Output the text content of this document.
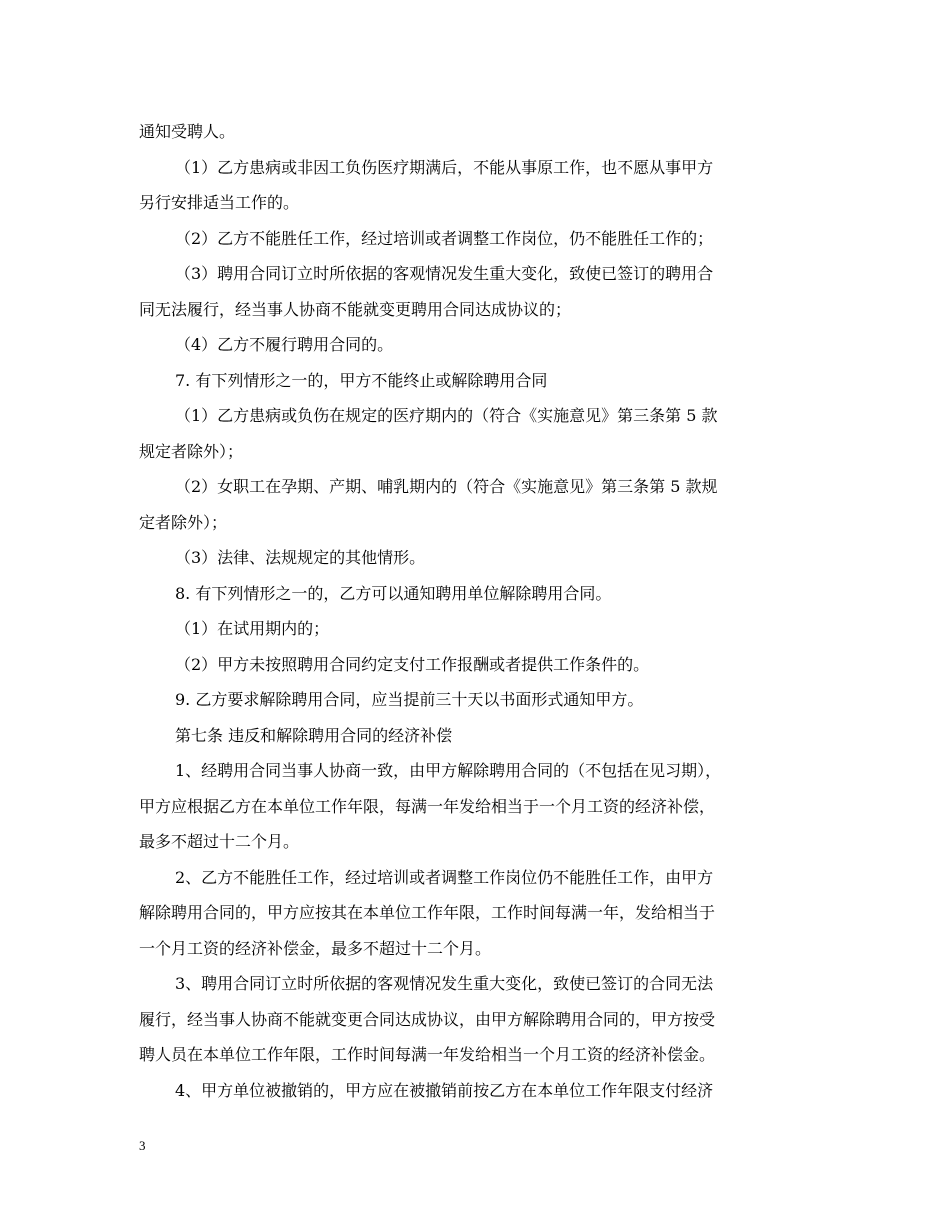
通知受聘人。
（1）乙方患病或非因工负伤医疗期满后，不能从事原工作，也不愿从事甲方
另行安排适当工作的。
（2）乙方不能胜任工作，经过培训或者调整工作岗位，仍不能胜任工作的；
（3）聘用合同订立时所依据的客观情况发生重大变化，致使已签订的聘用合
同无法履行，经当事人协商不能就变更聘用合同达成协议的；
（4）乙方不履行聘用合同的。
7. 有下列情形之一的，甲方不能终止或解除聘用合同
（1）乙方患病或负伤在规定的医疗期内的（符合《实施意见》第三条第 5 款
规定者除外）；
（2）女职工在孕期、产期、哺乳期内的（符合《实施意见》第三条第 5 款规
定者除外）；
（3）法律、法规规定的其他情形。
8. 有下列情形之一的，乙方可以通知聘用单位解除聘用合同。
（1）在试用期内的；
（2）甲方未按照聘用合同约定支付工作报酬或者提供工作条件的。
9. 乙方要求解除聘用合同，应当提前三十天以书面形式通知甲方。
第七条 违反和解除聘用合同的经济补偿
1、经聘用合同当事人协商一致，由甲方解除聘用合同的（不包括在见习期），
甲方应根据乙方在本单位工作年限，每满一年发给相当于一个月工资的经济补偿，
最多不超过十二个月。
2、乙方不能胜任工作，经过培训或者调整工作岗位仍不能胜任工作，由甲方
解除聘用合同的，甲方应按其在本单位工作年限，工作时间每满一年，发给相当于
一个月工资的经济补偿金，最多不超过十二个月。
3、聘用合同订立时所依据的客观情况发生重大变化，致使已签订的合同无法
履行，经当事人协商不能就变更合同达成协议，由甲方解除聘用合同的，甲方按受
聘人员在本单位工作年限，工作时间每满一年发给相当一个月工资的经济补偿金。
4、甲方单位被撤销的，甲方应在被撤销前按乙方在本单位工作年限支付经济
3
